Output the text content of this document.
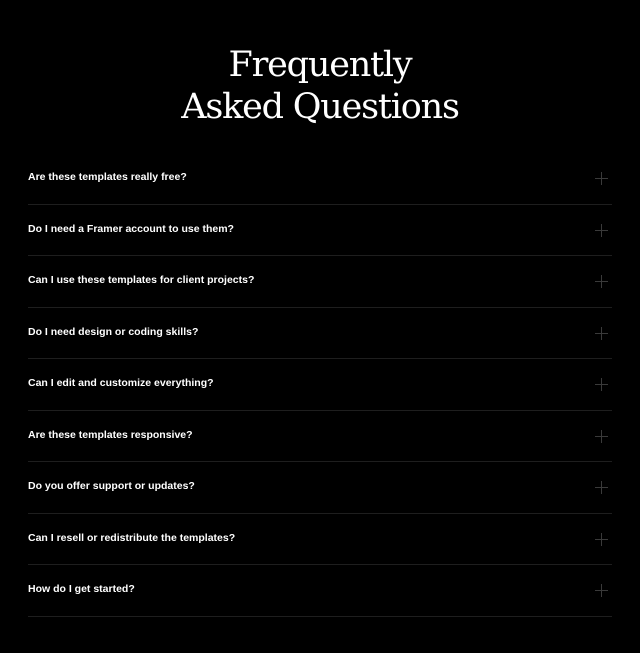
Frequently
Asked Questions
Are these templates really free?
Do I need a Framer account to use them?
Can I use these templates for client projects?
Do I need design or coding skills?
Can I edit and customize everything?
Are these templates responsive?
Do you offer support or updates?
Can I resell or redistribute the templates?
How do I get started?
